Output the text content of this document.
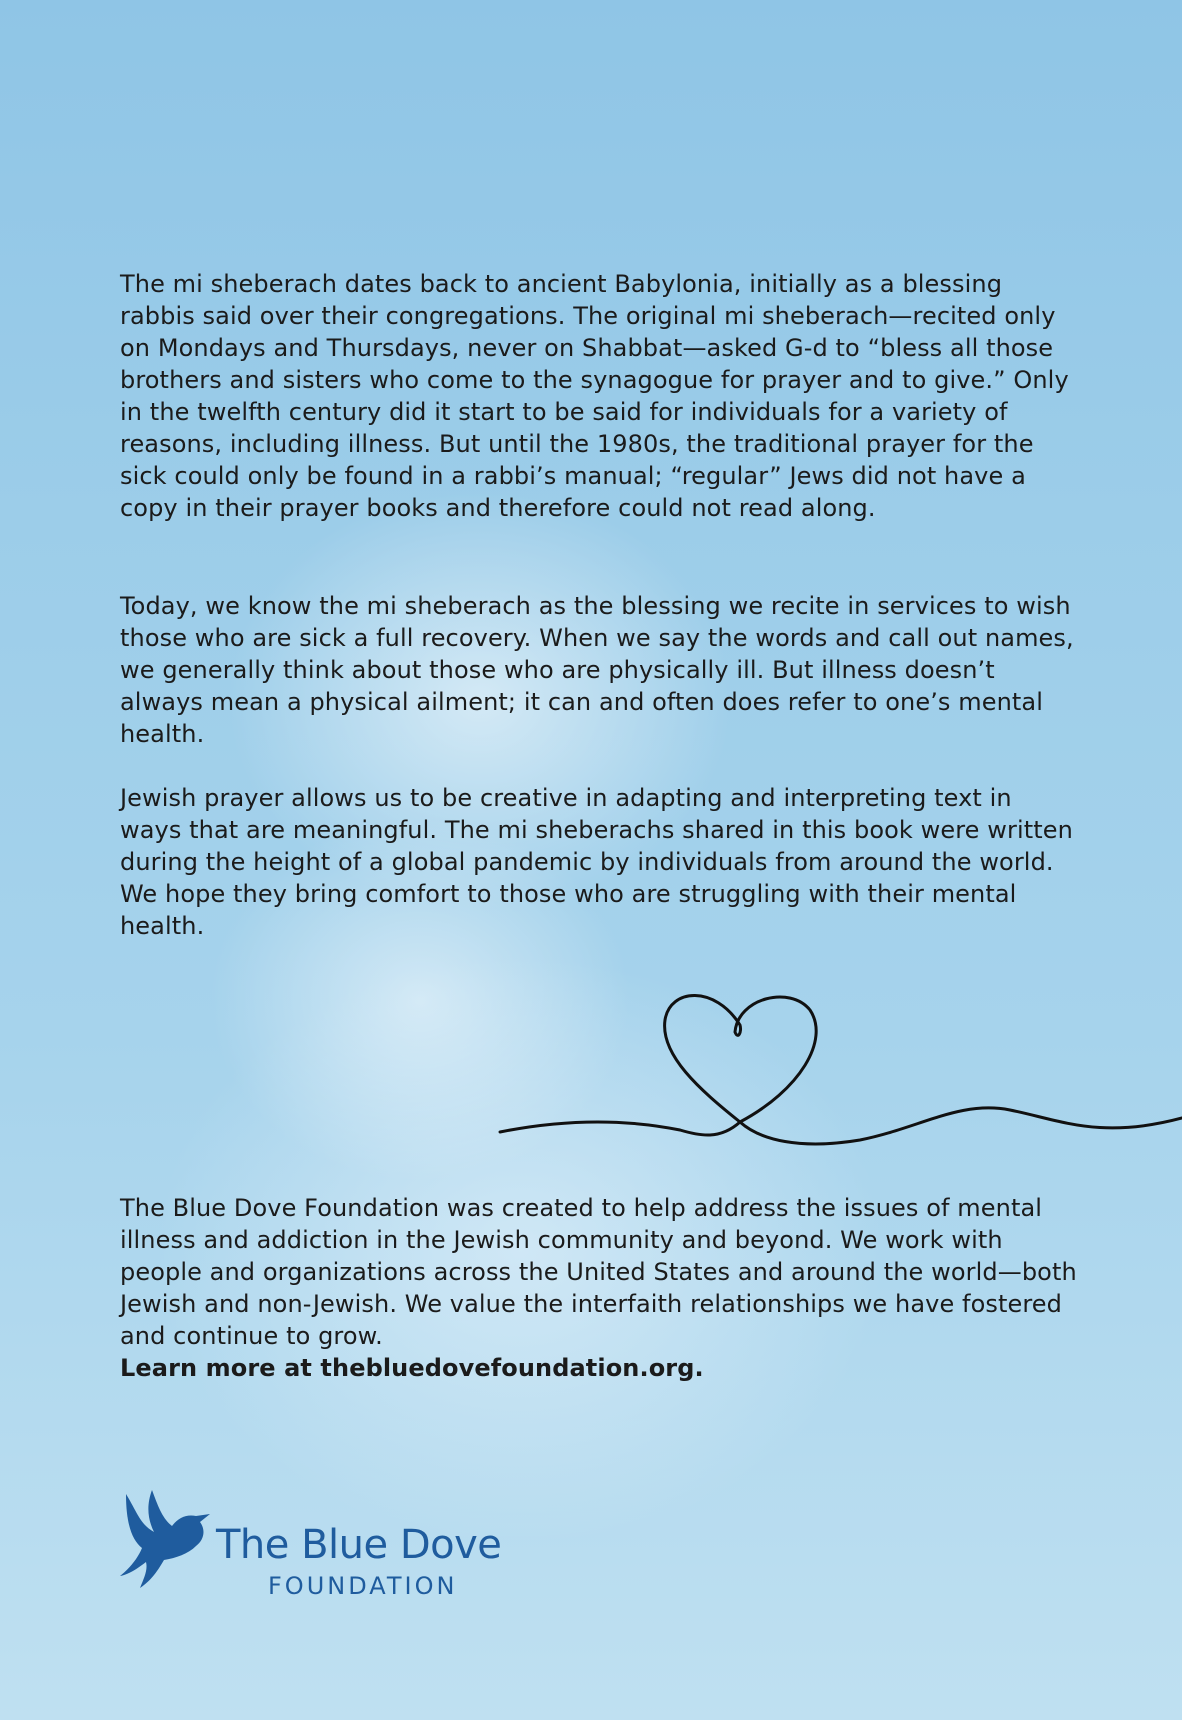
The mi sheberach dates back to ancient Babylonia, initially as a blessing rabbis said over their congregations. The original mi sheberach—recited only on Mondays and Thursdays, never on Shabbat—asked G-d to “bless all those brothers and sisters who come to the synagogue for prayer and to give.” Only in the twelfth century did it start to be said for individuals for a variety of reasons, including illness. But until the 1980s, the traditional prayer for the sick could only be found in a rabbi’s manual; “regular” Jews did not have a copy in their prayer books and therefore could not read along.

Today, we know the mi sheberach as the blessing we recite in services to wish those who are sick a full recovery. When we say the words and call out names, we generally think about those who are physically ill. But illness doesn’t always mean a physical ailment; it can and often does refer to one’s mental health.

Jewish prayer allows us to be creative in adapting and interpreting text in ways that are meaningful. The mi sheberachs shared in this book were written during the height of a global pandemic by individuals from around the world. We hope they bring comfort to those who are struggling with their mental health.

The Blue Dove Foundation was created to help address the issues of mental illness and addiction in the Jewish community and beyond. We work with people and organizations across the United States and around the world—both Jewish and non-Jewish. We value the interfaith relationships we have fostered and continue to grow.
Learn more at thebluedovefoundation.org.

The Blue Dove
FOUNDATION
